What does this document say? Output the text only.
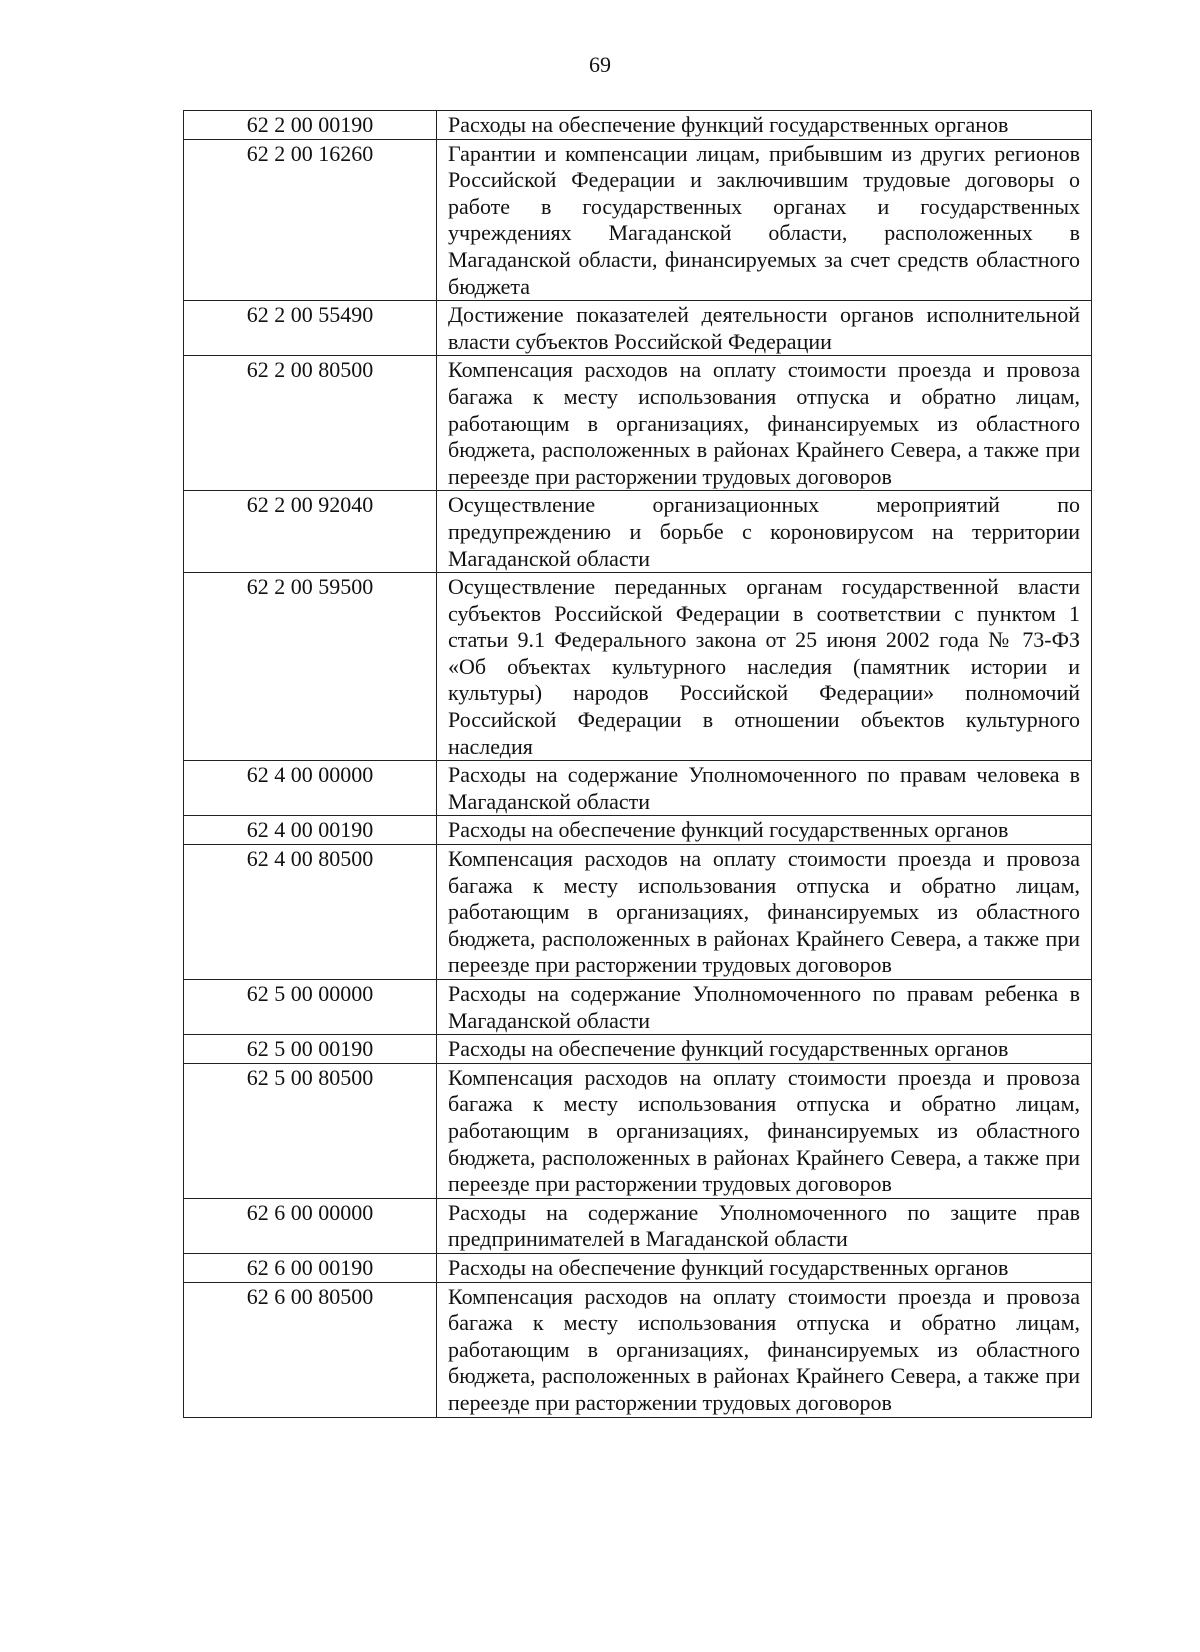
69
62 2 00 00190	Расходы на обеспечение функций государственных органов
62 2 00 16260	Гарантии и компенсации лицам, прибывшим из других регионов Российской Федерации и заключившим трудовые договоры о работе в государственных органах и государственных учреждениях Магаданской области, расположенных в Магаданской области, финансируемых за счет средств областного бюджета
62 2 00 55490	Достижение показателей деятельности органов исполнительной власти субъектов Российской Федерации
62 2 00 80500	Компенсация расходов на оплату стоимости проезда и провоза багажа к месту использования отпуска и обратно лицам, работающим в организациях, финансируемых из областного бюджета, расположенных в районах Крайнего Севера, а также при переезде при расторжении трудовых договоров
62 2 00 92040	Осуществление организационных мероприятий по предупреждению и борьбе с короновирусом на территории Магаданской области
62 2 00 59500	Осуществление переданных органам государственной власти субъектов Российской Федерации в соответствии с пунктом 1 статьи 9.1 Федерального закона от 25 июня 2002 года № 73-ФЗ «Об объектах культурного наследия (памятник истории и культуры) народов Российской Федерации» полномочий Российской Федерации в отношении объектов культурного наследия
62 4 00 00000	Расходы на содержание Уполномоченного по правам человека в Магаданской области
62 4 00 00190	Расходы на обеспечение функций государственных органов
62 4 00 80500	Компенсация расходов на оплату стоимости проезда и провоза багажа к месту использования отпуска и обратно лицам, работающим в организациях, финансируемых из областного бюджета, расположенных в районах Крайнего Севера, а также при переезде при расторжении трудовых договоров
62 5 00 00000	Расходы на содержание Уполномоченного по правам ребенка в Магаданской области
62 5 00 00190	Расходы на обеспечение функций государственных органов
62 5 00 80500	Компенсация расходов на оплату стоимости проезда и провоза багажа к месту использования отпуска и обратно лицам, работающим в организациях, финансируемых из областного бюджета, расположенных в районах Крайнего Севера, а также при переезде при расторжении трудовых договоров
62 6 00 00000	Расходы на содержание Уполномоченного по защите прав предпринимателей в Магаданской области
62 6 00 00190	Расходы на обеспечение функций государственных органов
62 6 00 80500	Компенсация расходов на оплату стоимости проезда и провоза багажа к месту использования отпуска и обратно лицам, работающим в организациях, финансируемых из областного бюджета, расположенных в районах Крайнего Севера, а также при переезде при расторжении трудовых договоров
